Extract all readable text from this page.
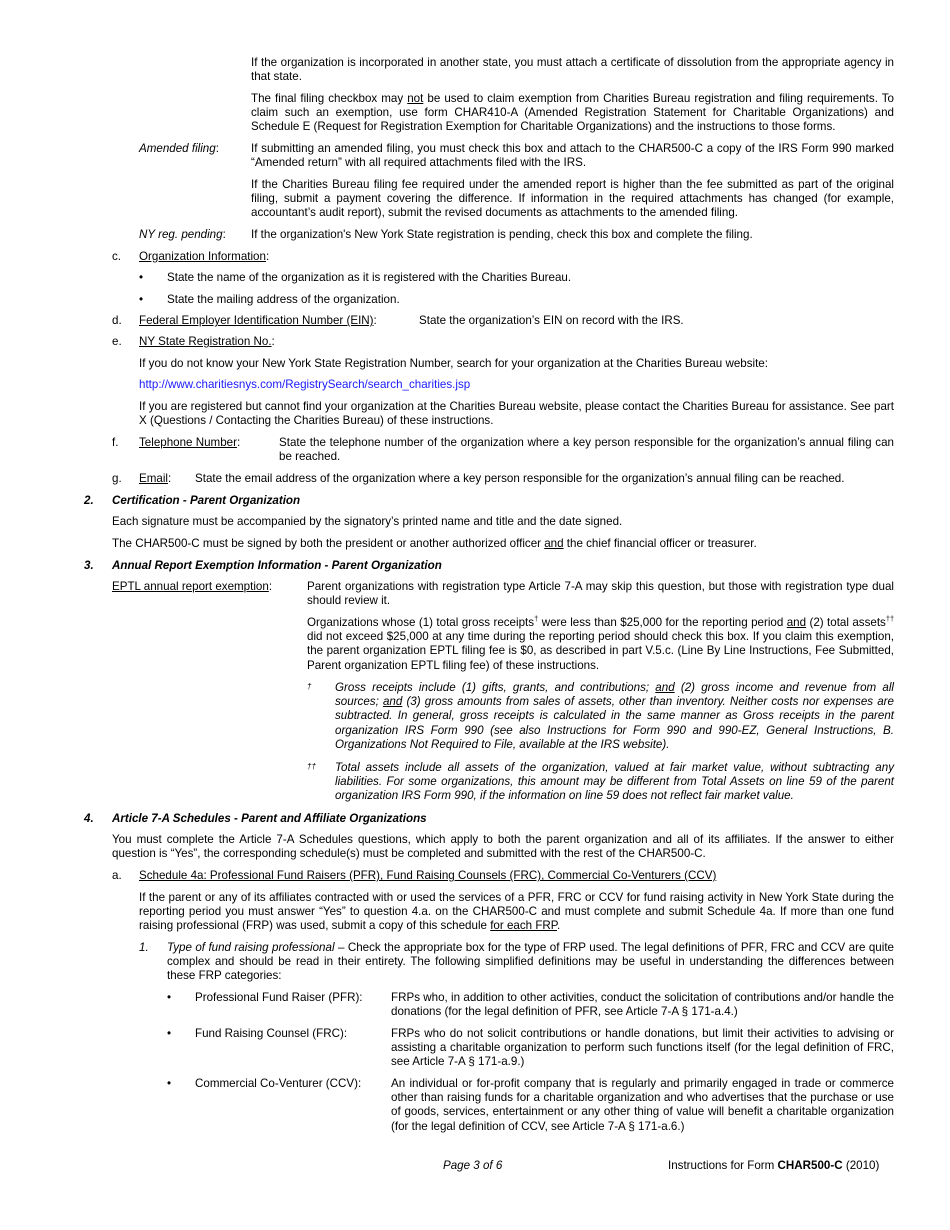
If the organization is incorporated in another state, you must attach a certificate of dissolution from the appropriate agency in that state.

The final filing checkbox may not be used to claim exemption from Charities Bureau registration and filing requirements. To claim such an exemption, use form CHAR410-A (Amended Registration Statement for Charitable Organizations) and Schedule E (Request for Registration Exemption for Charitable Organizations) and the instructions to those forms.

Amended filing:	If submitting an amended filing, you must check this box and attach to the CHAR500-C a copy of the IRS Form 990 marked “Amended return” with all required attachments filed with the IRS.

If the Charities Bureau filing fee required under the amended report is higher than the fee submitted as part of the original filing, submit a payment covering the difference. If information in the required attachments has changed (for example, accountant’s audit report), submit the revised documents as attachments to the amended filing.

NY reg. pending: If the organization's New York State registration is pending, check this box and complete the filing.

c. Organization Information:

• State the name of the organization as it is registered with the Charities Bureau.

• State the mailing address of the organization.

d. Federal Employer Identification Number (EIN):	State the organization’s EIN on record with the IRS.

e. NY State Registration No.:

If you do not know your New York State Registration Number, search for your organization at the Charities Bureau website:

http://www.charitiesnys.com/RegistrySearch/search_charities.jsp

If you are registered but cannot find your organization at the Charities Bureau website, please contact the Charities Bureau for assistance. See part X (Questions / Contacting the Charities Bureau) of these instructions.

f. Telephone Number:	State the telephone number of the organization where a key person responsible for the organization’s annual filing can be reached.

g. Email: State the email address of the organization where a key person responsible for the organization’s annual filing can be reached.

2. Certification - Parent Organization

Each signature must be accompanied by the signatory’s printed name and title and the date signed.

The CHAR500-C must be signed by both the president or another authorized officer and the chief financial officer or treasurer.

3. Annual Report Exemption Information - Parent Organization

EPTL annual report exemption:	Parent organizations with registration type Article 7-A may skip this question, but those with registration type dual should review it.

Organizations whose (1) total gross receipts† were less than $25,000 for the reporting period and (2) total assets†† did not exceed $25,000 at any time during the reporting period should check this box. If you claim this exemption, the parent organization EPTL filing fee is $0, as described in part V.5.c. (Line By Line Instructions, Fee Submitted, Parent organization EPTL filing fee) of these instructions.

† Gross receipts include (1) gifts, grants, and contributions; and (2) gross income and revenue from all sources; and (3) gross amounts from sales of assets, other than inventory. Neither costs nor expenses are subtracted. In general, gross receipts is calculated in the same manner as Gross receipts in the parent organization IRS Form 990 (see also Instructions for Form 990 and 990-EZ, General Instructions, B. Organizations Not Required to File, available at the IRS website).

†† Total assets include all assets of the organization, valued at fair market value, without subtracting any liabilities. For some organizations, this amount may be different from Total Assets on line 59 of the parent organization IRS Form 990, if the information on line 59 does not reflect fair market value.

4. Article 7-A Schedules - Parent and Affiliate Organizations

You must complete the Article 7-A Schedules questions, which apply to both the parent organization and all of its affiliates. If the answer to either question is “Yes”, the corresponding schedule(s) must be completed and submitted with the rest of the CHAR500-C.

a. Schedule 4a: Professional Fund Raisers (PFR), Fund Raising Counsels (FRC), Commercial Co-Venturers (CCV)

If the parent or any of its affiliates contracted with or used the services of a PFR, FRC or CCV for fund raising activity in New York State during the reporting period you must answer “Yes” to question 4.a. on the CHAR500-C and must complete and submit Schedule 4a. If more than one fund raising professional (FRP) was used, submit a copy of this schedule for each FRP.

1. Type of fund raising professional – Check the appropriate box for the type of FRP used. The legal definitions of PFR, FRC and CCV are quite complex and should be read in their entirety. The following simplified definitions may be useful in understanding the differences between these FRP categories:

• Professional Fund Raiser (PFR): FRPs who, in addition to other activities, conduct the solicitation of contributions and/or handle the donations (for the legal definition of PFR, see Article 7-A § 171-a.4.)

• Fund Raising Counsel (FRC):	FRPs who do not solicit contributions or handle donations, but limit their activities to advising or assisting a charitable organization to perform such functions itself (for the legal definition of FRC, see Article 7-A § 171-a.9.)

• Commercial Co-Venturer (CCV):	An individual or for-profit company that is regularly and primarily engaged in trade or commerce other than raising funds for a charitable organization and who advertises that the purchase or use of goods, services, entertainment or any other thing of value will benefit a charitable organization (for the legal definition of CCV, see Article 7-A § 171-a.6.)

Page 3 of 6	Instructions for Form CHAR500-C (2010)
